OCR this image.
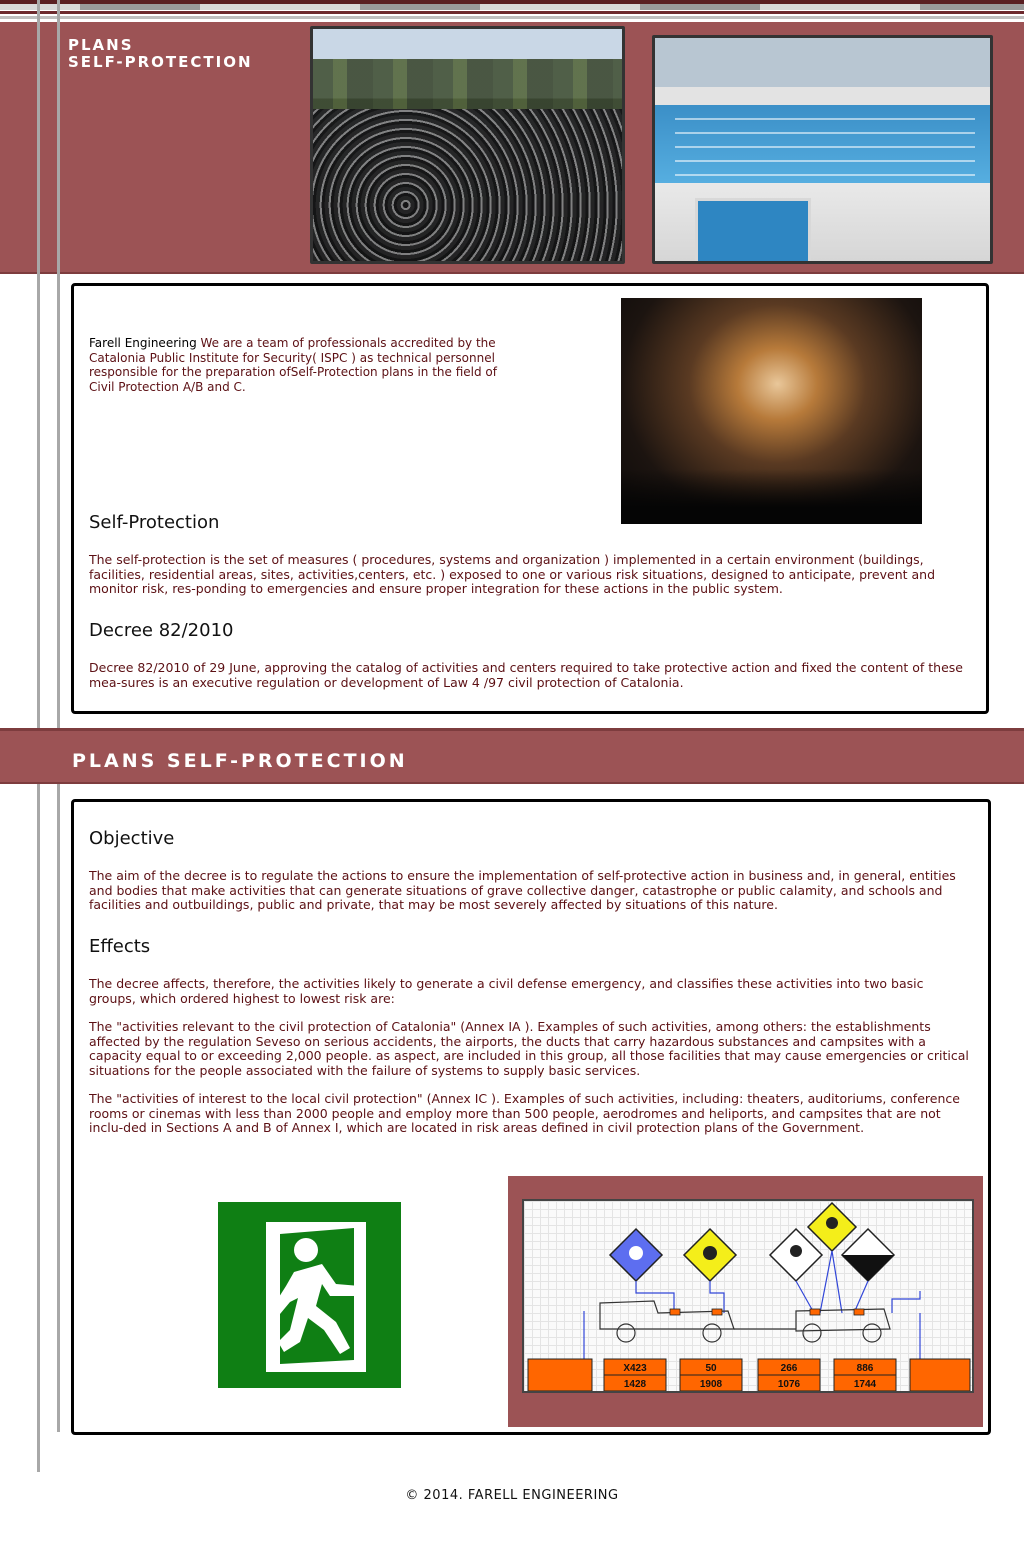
PLANS
SELF-PROTECTION
Farell Engineering We are a team of professionals accredited by the Catalonia Public Institute for Security( ISPC ) as technical personnel responsible for the preparation ofSelf-Protection plans in the field of Civil Protection A/B and C.
Self-Protection
The self-protection is the set of measures ( procedures, systems and organization ) implemented in a certain environment (buildings, facilities, residential areas, sites, activities,centers, etc. ) exposed to one or various risk situations, designed to anticipate, prevent and monitor risk, res-ponding to emergencies and ensure proper integration for these actions in the public system.
Decree 82/2010
Decree 82/2010 of 29 June, approving the catalog of activities and centers required to take protective action and fixed the content of these mea-sures is an executive regulation or development of Law 4 /97 civil protection of Catalonia.
PLANS SELF-PROTECTION
Objective
The aim of the decree is to regulate the actions to ensure the implementation of self-protective action in business and, in general, entities and bodies that make activities that can generate situations of grave collective danger, catastrophe or public calamity, and schools and facilities and outbuildings, public and private, that may be most severely affected by situations of this nature.
Effects
The decree affects, therefore, the activities likely to generate a civil defense emergency, and classifies these activities into two basic groups, which ordered highest to lowest risk are:
The "activities relevant to the civil protection of Catalonia" (Annex IA ). Examples of such activities, among others: the establishments affected by the regulation Seveso on serious accidents, the airports, the ducts that carry hazardous substances and campsites with a capacity equal to or exceeding 2,000 people. as aspect, are included in this group, all those facilities that may cause emergencies or critical situations for the people associated with the failure of systems to supply basic services.
The "activities of interest to the local civil protection" (Annex IC ). Examples of such activities, including: theaters, auditoriums, conference rooms or cinemas with less than 2000 people and employ more than 500 people, aerodromes and heliports, and campsites that are not inclu-ded in Sections A and B of Annex I, which are located in risk areas defined in civil protection plans of the Government.
X423
1428
50
1908
266
1076
886
1744
© 2014. FARELL ENGINEERING
